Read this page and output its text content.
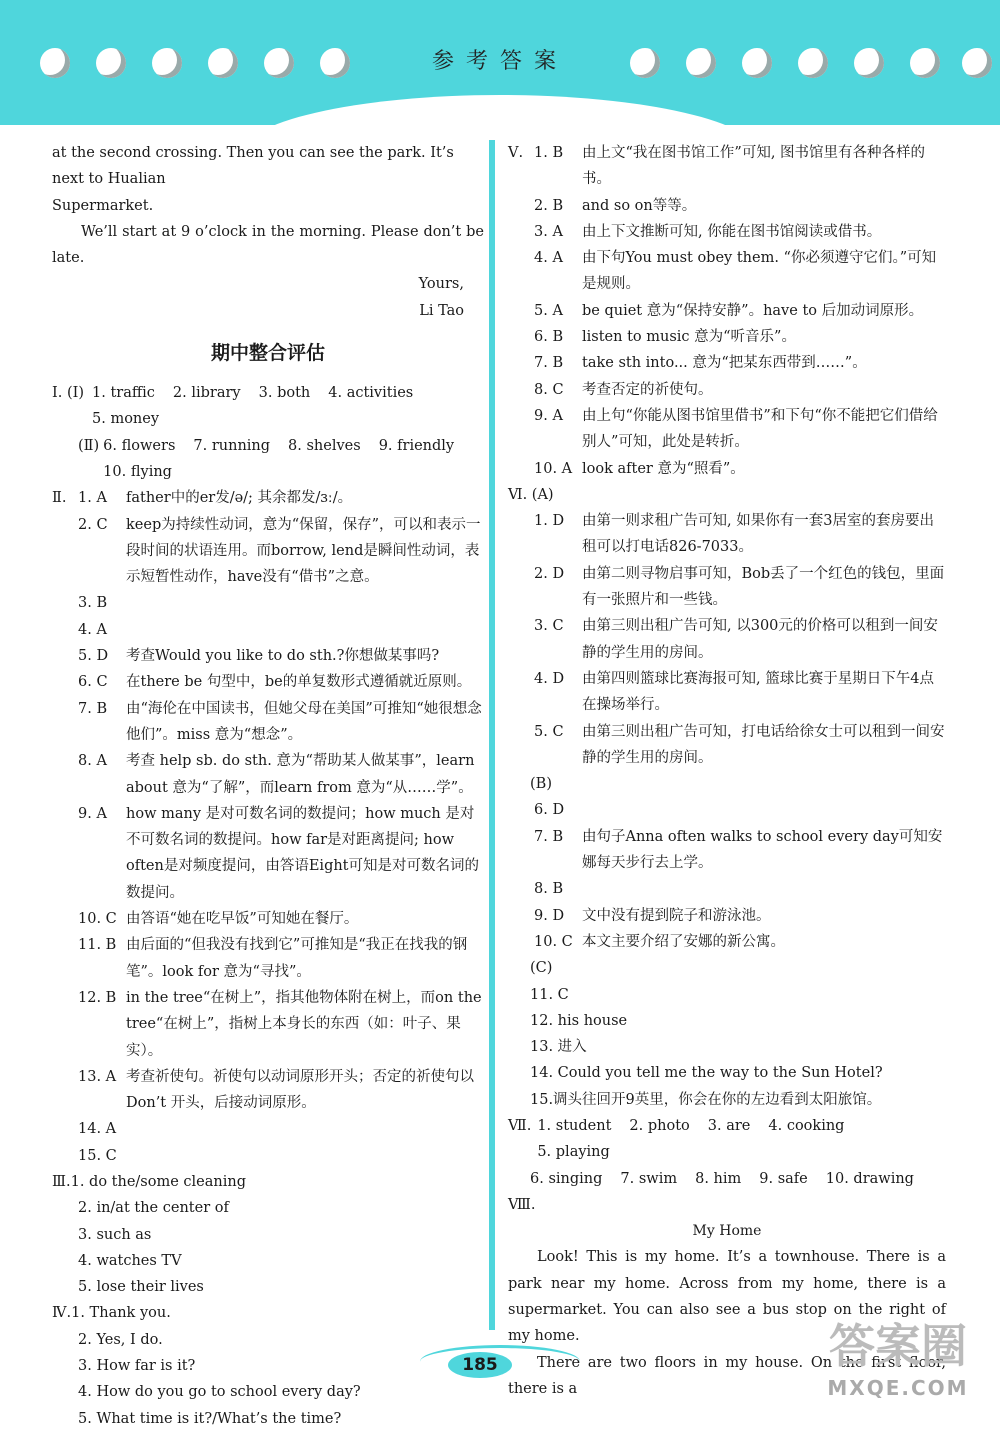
参考答案
at the second crossing. Then you can see the park. It’s next to Hualian
Supermarket.
We’ll start at 9 o’clock in the morning. Please don’t be late.
Yours,
Li Tao
期中整合评估
Ⅰ. (Ⅰ) 1. traffic 2. library 3. both 4. activities
5. money
(Ⅱ) 6. flowers 7. running 8. shelves 9. friendly
10. flying
Ⅱ. 1. A	father中的er发/ə/; 其余都发/ɜː/。
2. C	keep为持续性动词，意为“保留，保存”，可以和表示一段时间的状语连用。而borrow, lend是瞬间性动词，表示短暂性动作，have没有“借书”之意。
3. B
4. A
5. D	考查Would you like to do sth.?你想做某事吗?
6. C	在there be 句型中，be的单复数形式遵循就近原则。
7. B	由“海伦在中国读书，但她父母在美国”可推知“她很想念他们”。miss 意为“想念”。
8. A	考查 help sb. do sth. 意为“帮助某人做某事”，learn about 意为“了解”，而learn from 意为“从……学”。
9. A	how many 是对可数名词的数提问；how much 是对不可数名词的数提问。how far是对距离提问; how often是对频度提问，由答语Eight可知是对可数名词的数提问。
10. C 由答语“她在吃早饭”可知她在餐厅。
11. B 由后面的“但我没有找到它”可推知是“我正在找我的钢笔”。look for 意为“寻找”。
12. B in the tree“在树上”，指其他物体附在树上，而on the tree“在树上”，指树上本身长的东西（如：叶子、果实）。
13. A 考查祈使句。祈使句以动词原形开头；否定的祈使句以Don’t 开头，后接动词原形。
14. A
15. C
Ⅲ. 1. do the/some cleaning
2. in/at the center of
3. such as
4. watches TV
5. lose their lives
Ⅳ. 1. Thank you.
2. Yes, I do.
3. How far is it?
4. How do you go to school every day?
5. What time is it?/What’s the time?
Ⅴ. 1. B	由上文“我在图书馆工作”可知, 图书馆里有各种各样的书。
2. B	and so on等等。
3. A	由上下文推断可知, 你能在图书馆阅读或借书。
4. A	由下句You must obey them. “你必须遵守它们。”可知是规则。
5. A	be quiet 意为“保持安静”。have to 后加动词原形。
6. B	listen to music 意为“听音乐”。
7. B	take sth into... 意为“把某东西带到……”。
8. C	考查否定的祈使句。
9. A	由上句“你能从图书馆里借书”和下句“你不能把它们借给别人”可知，此处是转折。
10. A look after 意为“照看”。
Ⅵ. (A)
1. D	由第一则求租广告可知, 如果你有一套3居室的套房要出租可以打电话826-7033。
2. D	由第二则寻物启事可知，Bob丢了一个红色的钱包，里面有一张照片和一些钱。
3. C	由第三则出租广告可知, 以300元的价格可以租到一间安静的学生用的房间。
4. D	由第四则篮球比赛海报可知, 篮球比赛于星期日下午4点在操场举行。
5. C	由第三则出租广告可知，打电话给徐女士可以租到一间安静的学生用的房间。
(B)
6. D
7. B	由句子Anna often walks to school every day可知安娜每天步行去上学。
8. B
9. D	文中没有提到院子和游泳池。
10. C 本文主要介绍了安娜的新公寓。
(C)
11. C
12. his house
13. 进入
14. Could you tell me the way to the Sun Hotel?
15.调头往回开9英里，你会在你的左边看到太阳旅馆。
Ⅶ. 1. student 2. photo 3. are 4. cooking
5. playing
6. singing 7. swim 8. him 9. safe 10. drawing
Ⅷ.
My Home
Look! This is my home. It’s a townhouse. There is a park near my home. Across from my home, there is a supermarket. You can also see a bus stop on the right of my home.
There are two floors in my house. On the first floor, there is a
185	答案圈
MXQE.COM
